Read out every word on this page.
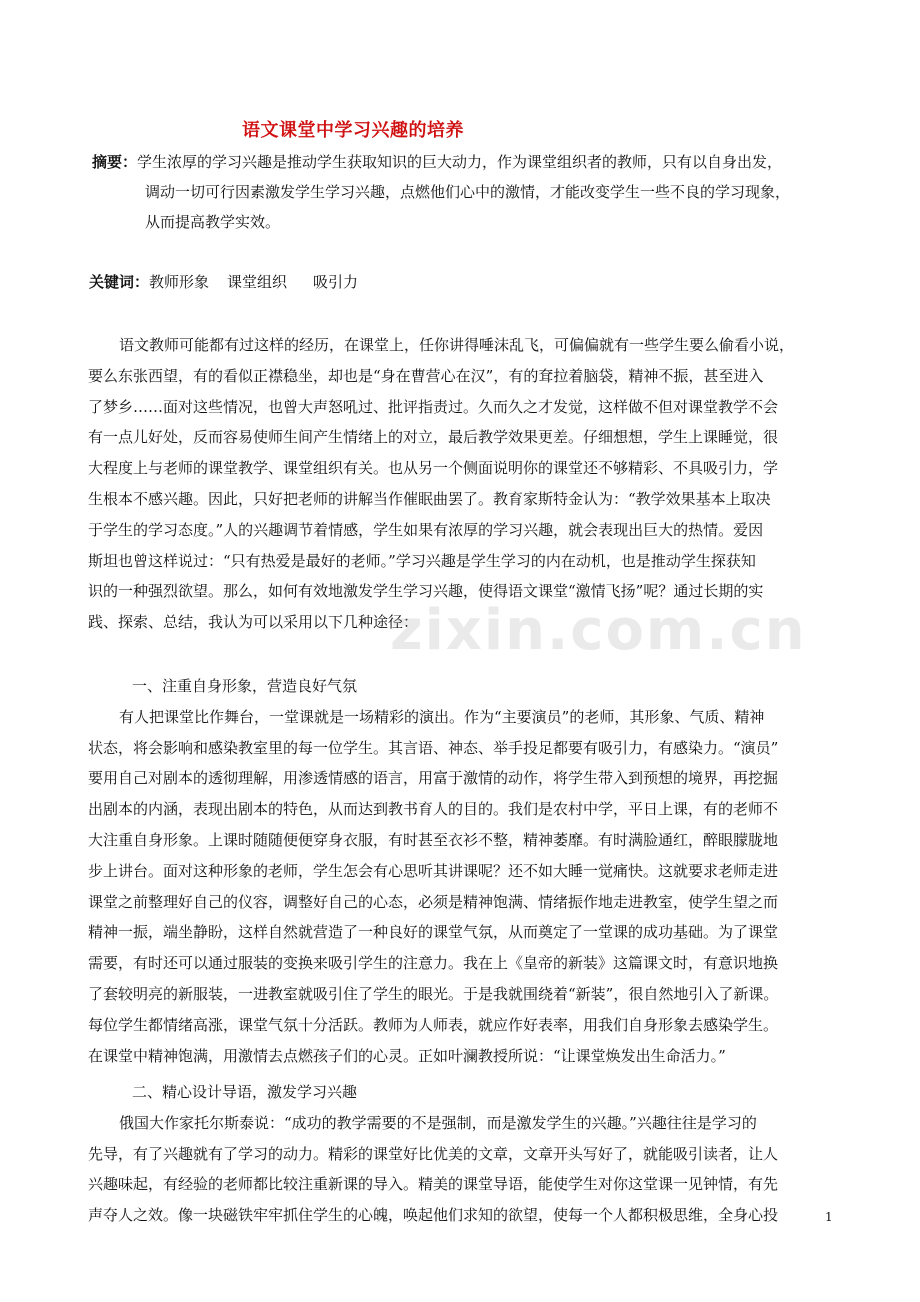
语文课堂中学习兴趣的培养
摘要：学生浓厚的学习兴趣是推动学生获取知识的巨大动力，作为课堂组织者的教师，只有以自身出发，
调动一切可行因素激发学生学习兴趣，点燃他们心中的激情，才能改变学生一些不良的学习现象，
从而提高教学实效。
关键词：教师形象 课堂组织 吸引力
语文教师可能都有过这样的经历，在课堂上，任你讲得唾沫乱飞，可偏偏就有一些学生要么偷看小说，
要么东张西望，有的看似正襟稳坐，却也是“身在曹营心在汉”，有的耷拉着脑袋，精神不振，甚至进入
了梦乡……面对这些情况，也曾大声怒吼过、批评指责过。久而久之才发觉，这样做不但对课堂教学不会
有一点儿好处，反而容易使师生间产生情绪上的对立，最后教学效果更差。仔细想想，学生上课睡觉，很
大程度上与老师的课堂教学、课堂组织有关。也从另一个侧面说明你的课堂还不够精彩、不具吸引力，学
生根本不感兴趣。因此，只好把老师的讲解当作催眠曲罢了。教育家斯特金认为：“教学效果基本上取决
于学生的学习态度。”人的兴趣调节着情感，学生如果有浓厚的学习兴趣，就会表现出巨大的热情。爱因
斯坦也曾这样说过：“只有热爱是最好的老师。”学习兴趣是学生学习的内在动机，也是推动学生探获知
识的一种强烈欲望。那么，如何有效地激发学生学习兴趣，使得语文课堂“激情飞扬”呢？通过长期的实
践、探索、总结，我认为可以采用以下几种途径：
一、注重自身形象，营造良好气氛
有人把课堂比作舞台，一堂课就是一场精彩的演出。作为“主要演员”的老师，其形象、气质、精神
状态，将会影响和感染教室里的每一位学生。其言语、神态、举手投足都要有吸引力，有感染力。“演员”
要用自己对剧本的透彻理解，用渗透情感的语言，用富于激情的动作，将学生带入到预想的境界，再挖掘
出剧本的内涵，表现出剧本的特色，从而达到教书育人的目的。我们是农村中学，平日上课，有的老师不
大注重自身形象。上课时随随便便穿身衣服，有时甚至衣衫不整，精神萎靡。有时满脸通红，醉眼朦胧地
步上讲台。面对这种形象的老师，学生怎会有心思听其讲课呢？还不如大睡一觉痛快。这就要求老师走进
课堂之前整理好自己的仪容，调整好自己的心态，必须是精神饱满、情绪振作地走进教室，使学生望之而
精神一振，端坐静盼，这样自然就营造了一种良好的课堂气氛，从而奠定了一堂课的成功基础。为了课堂
需要，有时还可以通过服装的变换来吸引学生的注意力。我在上《皇帝的新装》这篇课文时，有意识地换
了套较明亮的新服装，一进教室就吸引住了学生的眼光。于是我就围绕着“新装”，很自然地引入了新课。
每位学生都情绪高涨，课堂气氛十分活跃。教师为人师表，就应作好表率，用我们自身形象去感染学生。
在课堂中精神饱满，用激情去点燃孩子们的心灵。正如叶澜教授所说：“让课堂焕发出生命活力。”
二、精心设计导语，激发学习兴趣
俄国大作家托尔斯泰说：“成功的教学需要的不是强制，而是激发学生的兴趣。”兴趣往往是学习的
先导，有了兴趣就有了学习的动力。精彩的课堂好比优美的文章，文章开头写好了，就能吸引读者，让人
兴趣味起，有经验的老师都比较注重新课的导入。精美的课堂导语，能使学生对你这堂课一见钟情，有先
声夺人之效。像一块磁铁牢牢抓住学生的心魄，唤起他们求知的欲望，使每一个人都积极思维，全身心投
zixin.com.cn
1
